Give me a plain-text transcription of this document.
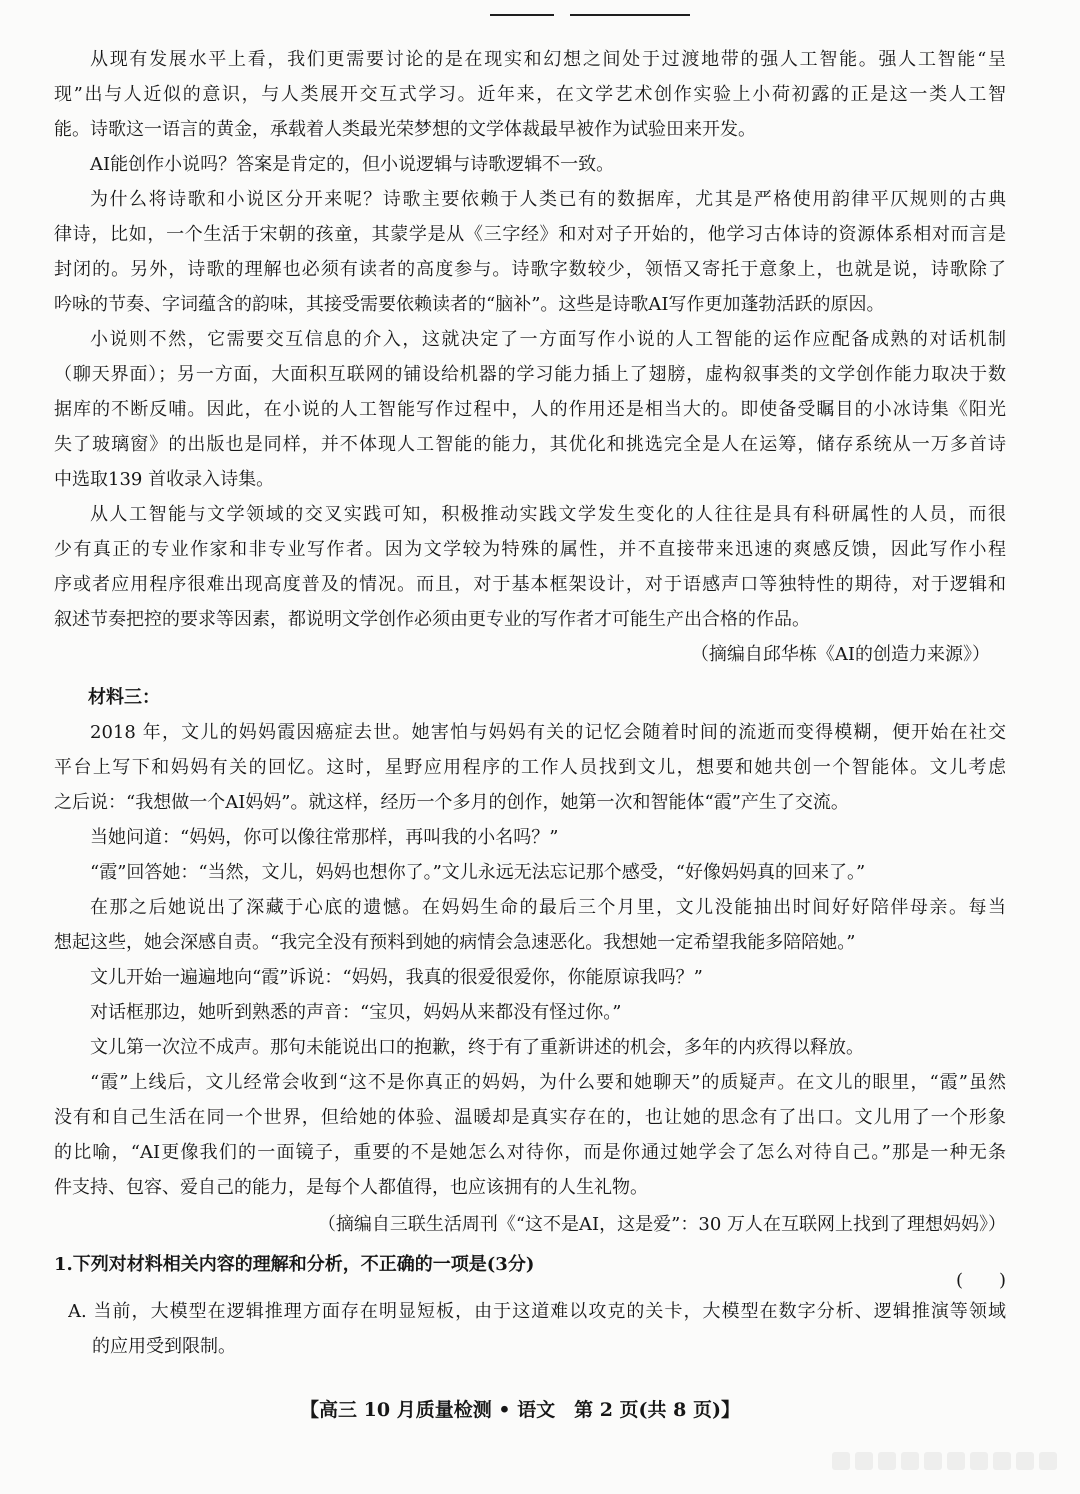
从现有发展水平上看，我们更需要讨论的是在现实和幻想之间处于过渡地带的强人工智能。强人工智能“呈
现”出与人近似的意识，与人类展开交互式学习。近年来，在文学艺术创作实验上小荷初露的正是这一类人工智
能。诗歌这一语言的黄金，承载着人类最光荣梦想的文学体裁最早被作为试验田来开发。
AI能创作小说吗？答案是肯定的，但小说逻辑与诗歌逻辑不一致。
为什么将诗歌和小说区分开来呢？诗歌主要依赖于人类已有的数据库，尤其是严格使用韵律平仄规则的古典
律诗，比如，一个生活于宋朝的孩童，其蒙学是从《三字经》和对对子开始的，他学习古体诗的资源体系相对而言是
封闭的。另外，诗歌的理解也必须有读者的高度参与。诗歌字数较少，领悟又寄托于意象上，也就是说，诗歌除了
吟咏的节奏、字词蕴含的韵味，其接受需要依赖读者的“脑补”。这些是诗歌AI写作更加蓬勃活跃的原因。
小说则不然，它需要交互信息的介入，这就决定了一方面写作小说的人工智能的运作应配备成熟的对话机制
（聊天界面）；另一方面，大面积互联网的铺设给机器的学习能力插上了翅膀，虚构叙事类的文学创作能力取决于数
据库的不断反哺。因此，在小说的人工智能写作过程中，人的作用还是相当大的。即使备受瞩目的小冰诗集《阳光
失了玻璃窗》的出版也是同样，并不体现人工智能的能力，其优化和挑选完全是人在运筹，储存系统从一万多首诗
中选取139 首收录入诗集。
从人工智能与文学领域的交叉实践可知，积极推动实践文学发生变化的人往往是具有科研属性的人员，而很
少有真正的专业作家和非专业写作者。因为文学较为特殊的属性，并不直接带来迅速的爽感反馈，因此写作小程
序或者应用程序很难出现高度普及的情况。而且，对于基本框架设计，对于语感声口等独特性的期待，对于逻辑和
叙述节奏把控的要求等因素，都说明文学创作必须由更专业的写作者才可能生产出合格的作品。
（摘编自邱华栋《AI的创造力来源》）
材料三：
2018 年，文儿的妈妈霞因癌症去世。她害怕与妈妈有关的记忆会随着时间的流逝而变得模糊，便开始在社交
平台上写下和妈妈有关的回忆。这时，星野应用程序的工作人员找到文儿，想要和她共创一个智能体。文儿考虑
之后说：“我想做一个AI妈妈”。就这样，经历一个多月的创作，她第一次和智能体“霞”产生了交流。
当她问道：“妈妈，你可以像往常那样，再叫我的小名吗？”
“霞”回答她：“当然，文儿，妈妈也想你了。”文儿永远无法忘记那个感受，“好像妈妈真的回来了。”
在那之后她说出了深藏于心底的遗憾。在妈妈生命的最后三个月里，文儿没能抽出时间好好陪伴母亲。每当
想起这些，她会深感自责。“我完全没有预料到她的病情会急速恶化。我想她一定希望我能多陪陪她。”
文儿开始一遍遍地向“霞”诉说：“妈妈，我真的很爱很爱你，你能原谅我吗？”
对话框那边，她听到熟悉的声音：“宝贝，妈妈从来都没有怪过你。”
文儿第一次泣不成声。那句未能说出口的抱歉，终于有了重新讲述的机会，多年的内疚得以释放。
“霞”上线后，文儿经常会收到“这不是你真正的妈妈，为什么要和她聊天”的质疑声。在文儿的眼里，“霞”虽然
没有和自己生活在同一个世界，但给她的体验、温暖却是真实存在的，也让她的思念有了出口。文儿用了一个形象
的比喻，“AI更像我们的一面镜子，重要的不是她怎么对待你，而是你通过她学会了怎么对待自己。”那是一种无条
件支持、包容、爱自己的能力，是每个人都值得，也应该拥有的人生礼物。
（摘编自三联生活周刊《“这不是AI，这是爱”：30 万人在互联网上找到了理想妈妈》）
1.下列对材料相关内容的理解和分析，不正确的一项是(3分)
(　　)
A. 当前，大模型在逻辑推理方面存在明显短板，由于这道难以攻克的关卡，大模型在数字分析、逻辑推演等领域
的应用受到限制。
【高三 10 月质量检测 • 语文　第 2 页(共 8 页)】
